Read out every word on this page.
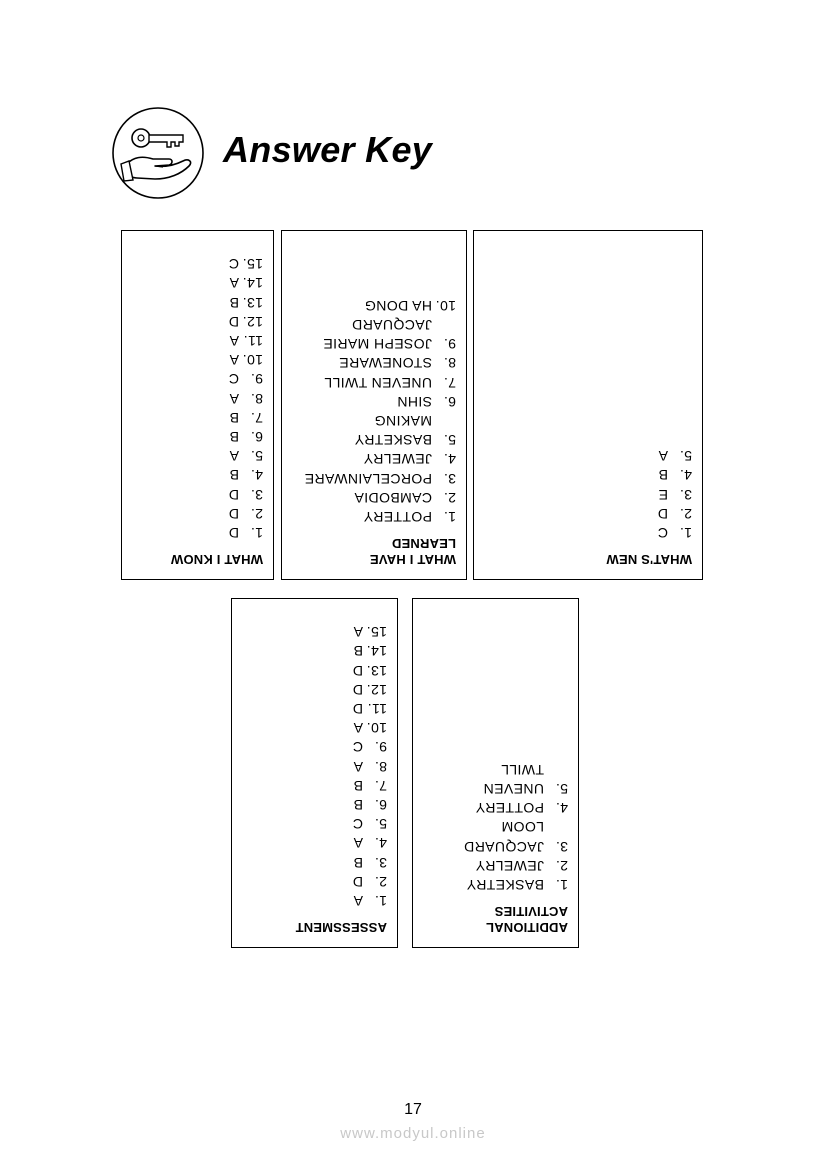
Answer Key
WHAT I KNOW
1.D
2.D
3.D
4.B
5.A
6.B
7.B
8.A
9.C
10.A
11.A
12.D
13.B
14.A
15.C
WHAT I HAVE
LEARNED
1.POTTERY
2.CAMBODIA
3.PORCELAINWARE
4.JEWELRY
5.BASKETRY
MAKING
6.SIHN
7.UNEVEN TWILL
8.STONEWARE
9.JOSEPH MARIE
JACQUARD
10.HA DONG
WHAT'S NEW
1.C
2.D
3.E
4.B
5.A
ASSESSMENT
1.A
2.D
3.B
4.A
5.C
6.B
7.B
8.A
9.C
10.A
11.D
12.D
13.D
14.B
15.A
ADDITIONAL
ACTIVITIES
1.BASKETRY
2.JEWELRY
3.JACQUARD
LOOM
4.POTTERY
5.UNEVEN
TWILL
17
www.modyul.online
